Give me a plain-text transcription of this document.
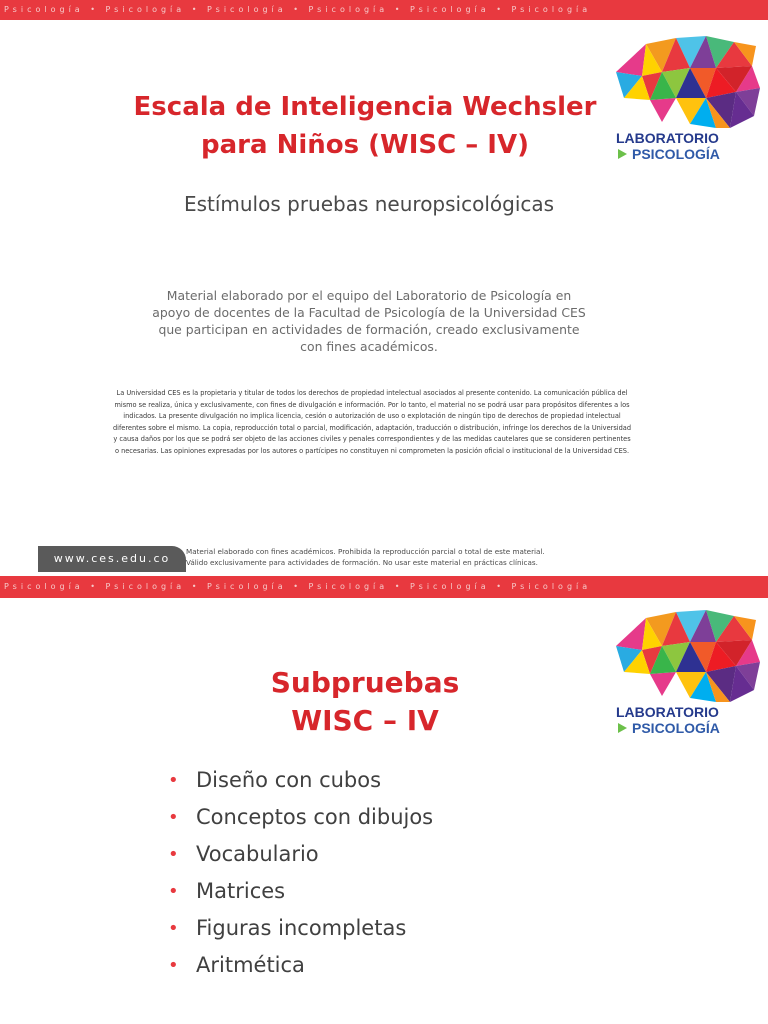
Psicología • Psicología • Psicología • Psicología • Psicología • Psicología
LABORATORIO
PSICOLOGÍA
Escala de Inteligencia Wechsler para Niños (WISC – IV)
Estímulos pruebas neuropsicológicas
Material elaborado por el equipo del Laboratorio de Psicología en apoyo de docentes de la Facultad de Psicología de la Universidad CES que participan en actividades de formación, creado exclusivamente con fines académicos.
La Universidad CES es la propietaria y titular de todos los derechos de propiedad intelectual asociados al presente contenido. La comunicación pública del mismo se realiza, única y exclusivamente, con fines de divulgación e información. Por lo tanto, el material no se podrá usar para propósitos diferentes a los indicados. La presente divulgación no implica licencia, cesión o autorización de uso o explotación de ningún tipo de derechos de propiedad intelectual diferentes sobre el mismo. La copia, reproducción total o parcial, modificación, adaptación, traducción o distribución, infringe los derechos de la Universidad y causa daños por los que se podrá ser objeto de las acciones civiles y penales correspondientes y de las medidas cautelares que se consideren pertinentes o necesarias. Las opiniones expresadas por los autores o partícipes no constituyen ni comprometen la posición oficial o institucional de la Universidad CES.
www.ces.edu.co
Material elaborado con fines académicos. Prohibida la reproducción parcial o total de este material.
Válido exclusivamente para actividades de formación. No usar este material en prácticas clínicas.
Psicología • Psicología • Psicología • Psicología • Psicología • Psicología
LABORATORIO
PSICOLOGÍA
Subpruebas
WISC – IV
• Diseño con cubos
• Conceptos con dibujos
• Vocabulario
• Matrices
• Figuras incompletas
• Aritmética
